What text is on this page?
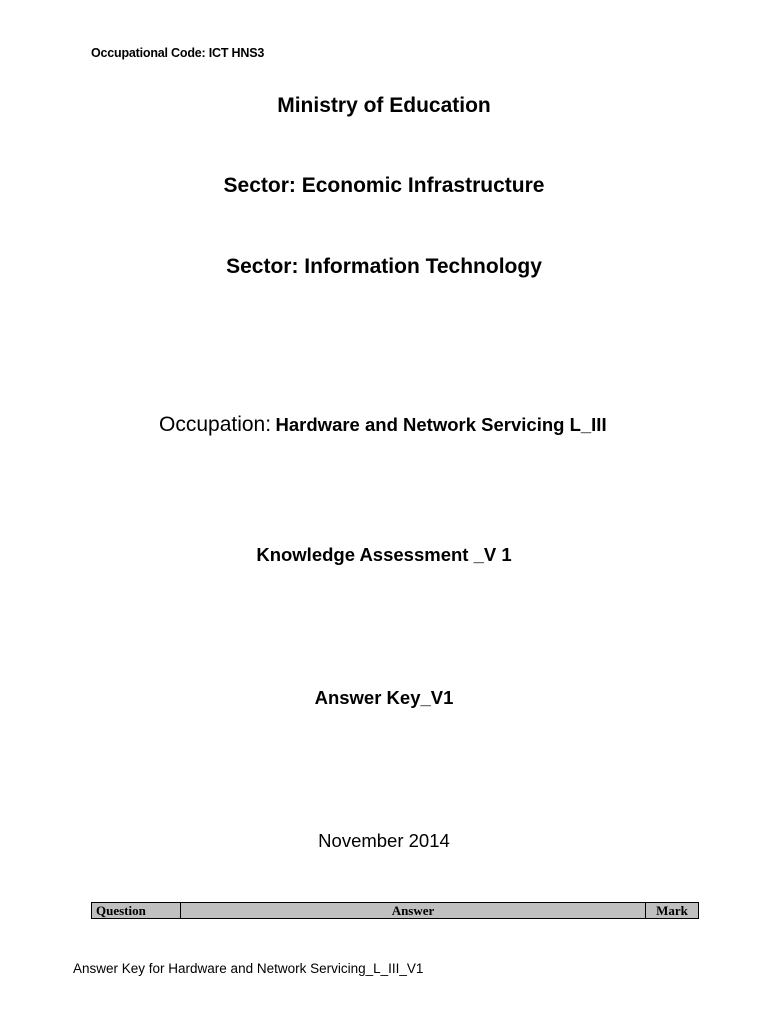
Occupational Code: ICT HNS3
Ministry of Education
Sector: Economic Infrastructure
Sector: Information Technology
Occupation: Hardware and Network Servicing L_III
Knowledge Assessment _V 1
Answer Key_V1
November 2014
Question	Answer	Mark
Answer Key for Hardware and Network Servicing_L_III_V1
